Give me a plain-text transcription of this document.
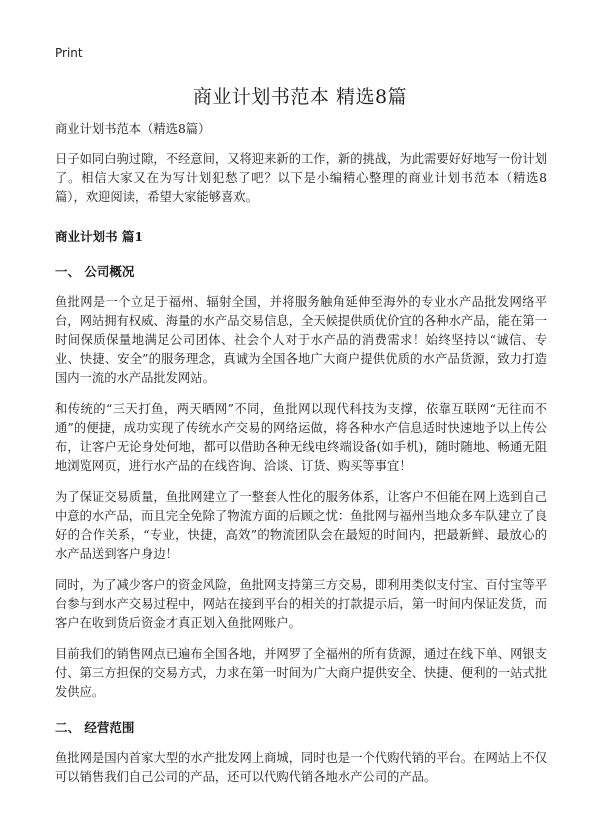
Print
商业计划书范本 精选8篇

商业计划书范本（精选8篇）

日子如同白驹过隙，不经意间，又将迎来新的工作，新的挑战，为此需要好好地写一份计划了。相信大家又在为写计划犯愁了吧？以下是小编精心整理的商业计划书范本（精选8篇），欢迎阅读，希望大家能够喜欢。

商业计划书 篇1
一、 公司概况

鱼批网是一个立足于福州、辐射全国，并将服务触角延伸至海外的专业水产品批发网络平台，网站拥有权威、海量的水产品交易信息，全天候提供质优价宜的各种水产品，能在第一时间保质保量地满足公司团体、社会个人对于水产品的消费需求！始终坚持以“诚信、专业、快捷、安全”的服务理念，真诚为全国各地广大商户提供优质的水产品货源，致力打造国内一流的水产品批发网站。

和传统的“三天打鱼，两天晒网”不同，鱼批网以现代科技为支撑，依靠互联网“无往而不通”的便捷，成功实现了传统水产交易的网络运做，将各种水产信息适时快速地予以上传公布，让客户无论身处何地，都可以借助各种无线电终端设备(如手机)，随时随地、畅通无阻地浏览网页，进行水产品的在线咨询、洽谈、订货、购买等事宜！

为了保证交易质量，鱼批网建立了一整套人性化的服务体系，让客户不但能在网上选到自己中意的水产品，而且完全免除了物流方面的后顾之忧：鱼批网与福州当地众多车队建立了良好的合作关系，“专业，快捷，高效”的物流团队会在最短的时间内，把最新鲜、最放心的水产品送到客户身边！

同时，为了减少客户的资金风险，鱼批网支持第三方交易，即利用类似支付宝、百付宝等平台参与到水产交易过程中，网站在接到平台的相关的打款提示后，第一时间内保证发货，而客户在收到货后资金才真正划入鱼批网账户。

目前我们的销售网点已遍布全国各地，并网罗了全福州的所有货源，通过在线下单、网银支付、第三方担保的交易方式，力求在第一时间为广大商户提供安全、快捷、便利的一站式批发供应。

二、 经营范围

鱼批网是国内首家大型的水产批发网上商城，同时也是一个代购代销的平台。在网站上不仅可以销售我们自己公司的产品，还可以代购代销各地水产公司的产品。
